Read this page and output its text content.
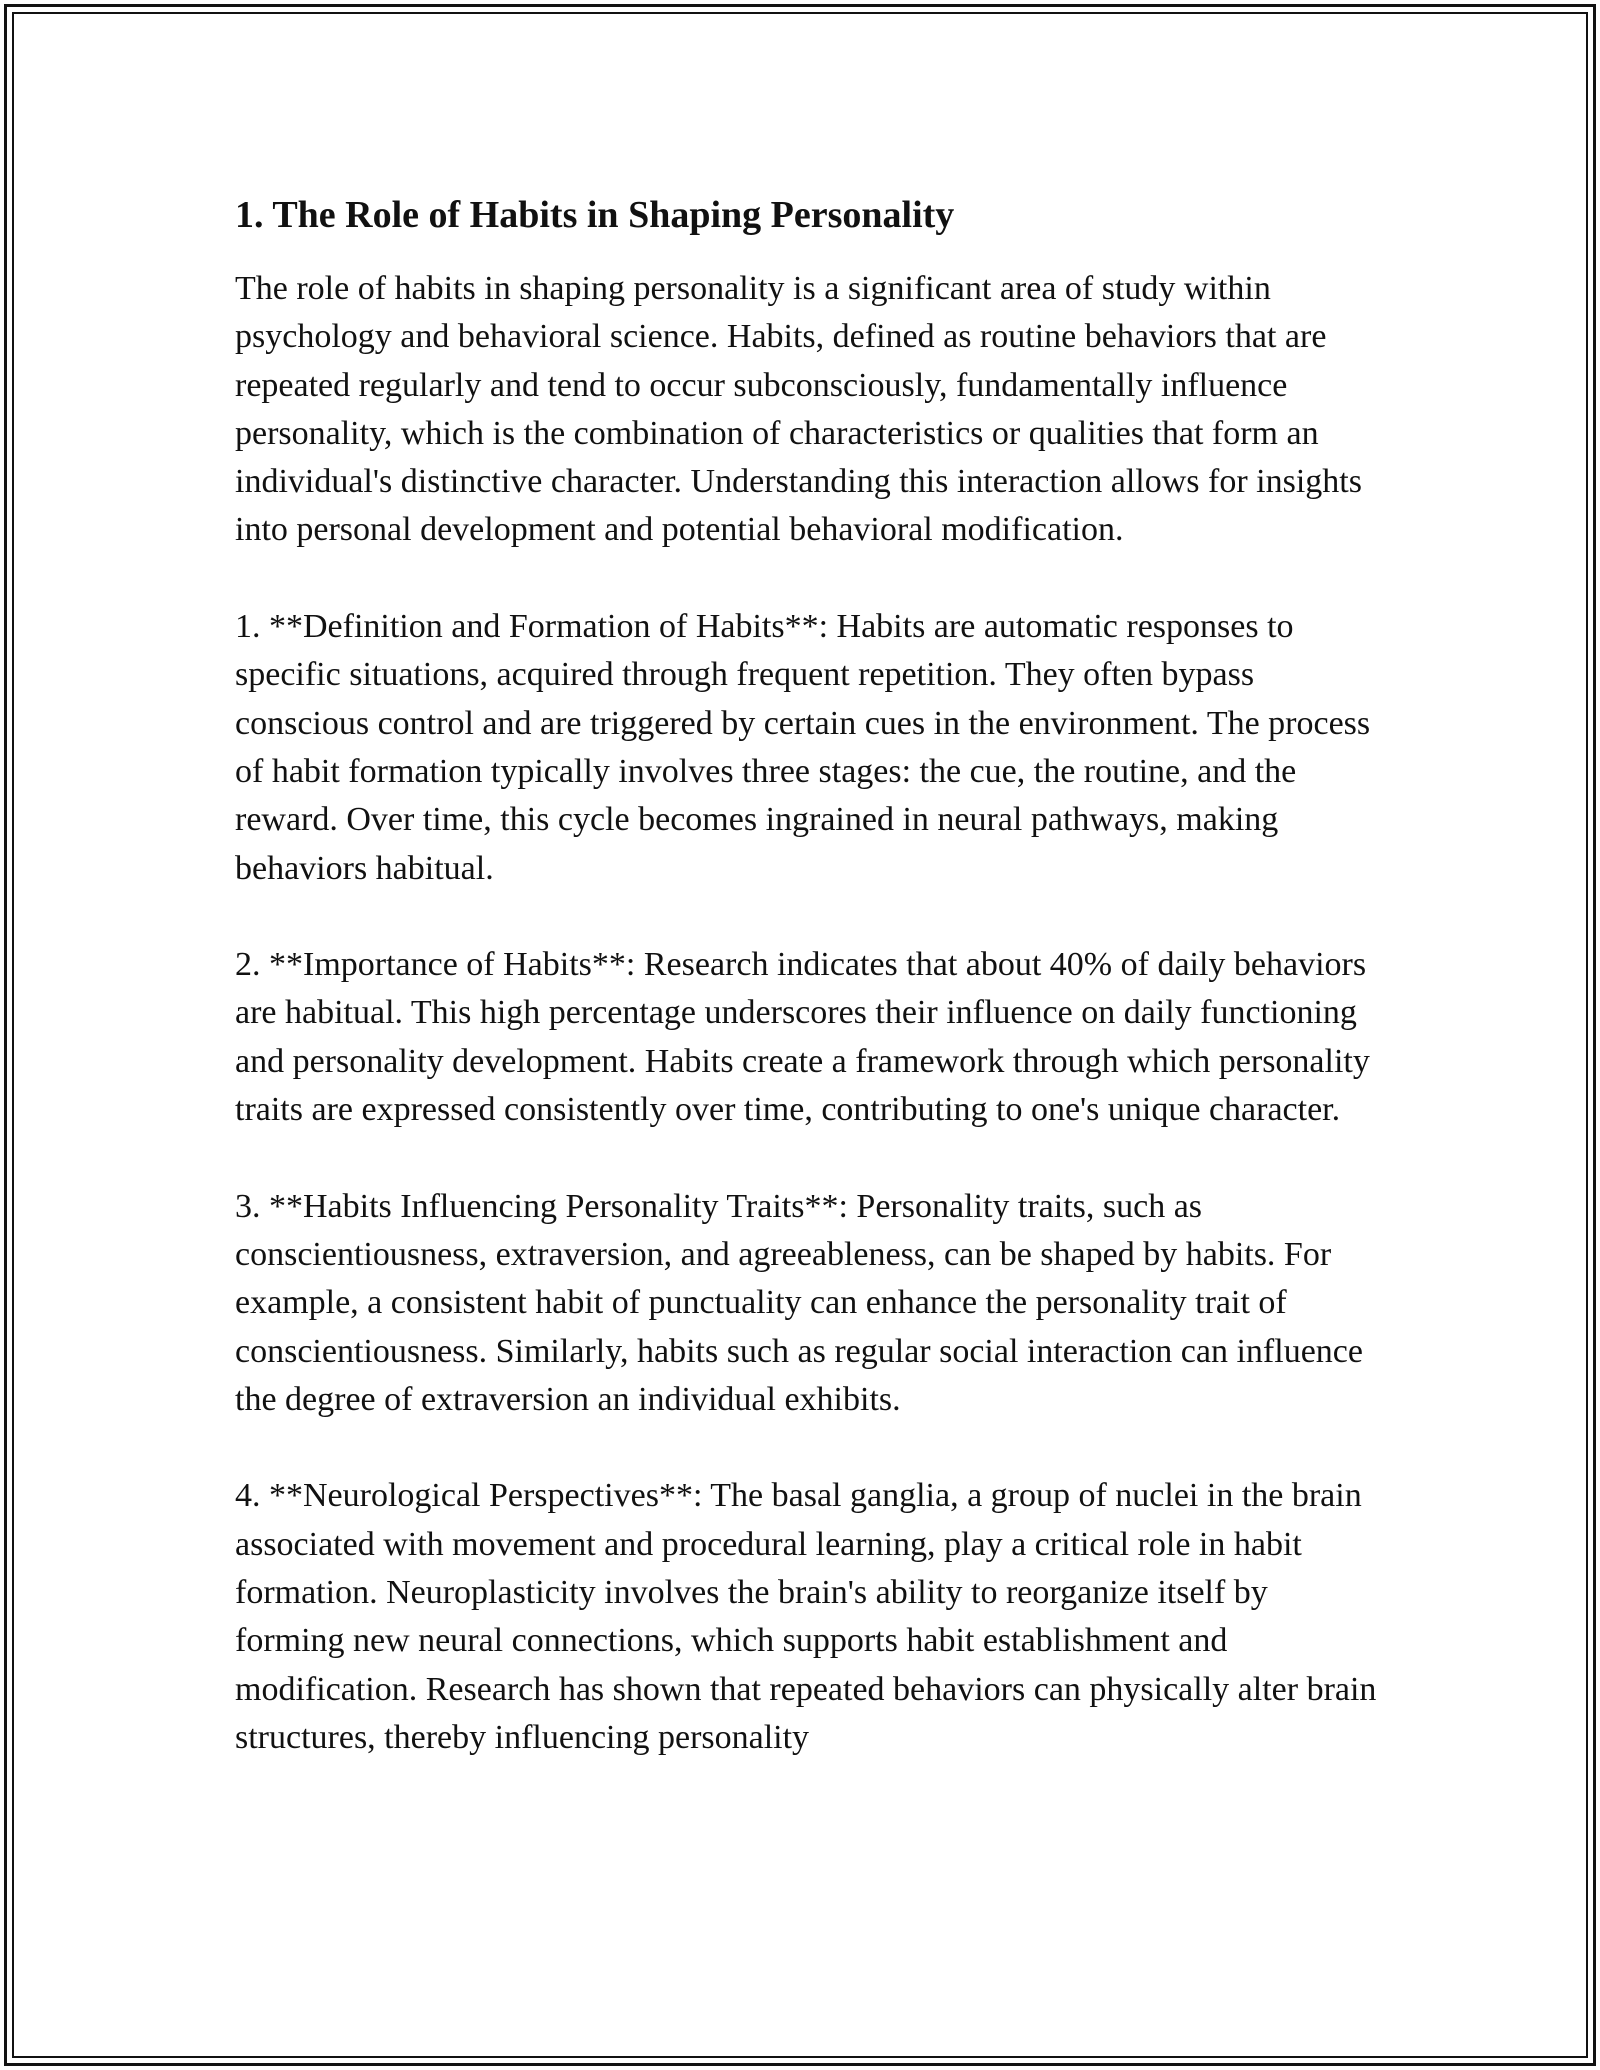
1. The Role of Habits in Shaping Personality

The role of habits in shaping personality is a significant area of study within psychology and behavioral science. Habits, defined as routine behaviors that are repeated regularly and tend to occur subconsciously, fundamentally influence personality, which is the combination of characteristics or qualities that form an individual's distinctive character. Understanding this interaction allows for insights into personal development and potential behavioral modification.

1. **Definition and Formation of Habits**: Habits are automatic responses to specific situations, acquired through frequent repetition. They often bypass conscious control and are triggered by certain cues in the environment. The process of habit formation typically involves three stages: the cue, the routine, and the reward. Over time, this cycle becomes ingrained in neural pathways, making behaviors habitual.

2. **Importance of Habits**: Research indicates that about 40% of daily behaviors are habitual. This high percentage underscores their influence on daily functioning and personality development. Habits create a framework through which personality traits are expressed consistently over time, contributing to one's unique character.

3. **Habits Influencing Personality Traits**: Personality traits, such as conscientiousness, extraversion, and agreeableness, can be shaped by habits. For example, a consistent habit of punctuality can enhance the personality trait of conscientiousness. Similarly, habits such as regular social interaction can influence the degree of extraversion an individual exhibits.

4. **Neurological Perspectives**: The basal ganglia, a group of nuclei in the brain associated with movement and procedural learning, play a critical role in habit formation. Neuroplasticity involves the brain's ability to reorganize itself by forming new neural connections, which supports habit establishment and modification. Research has shown that repeated behaviors can physically alter brain structures, thereby influencing personality
